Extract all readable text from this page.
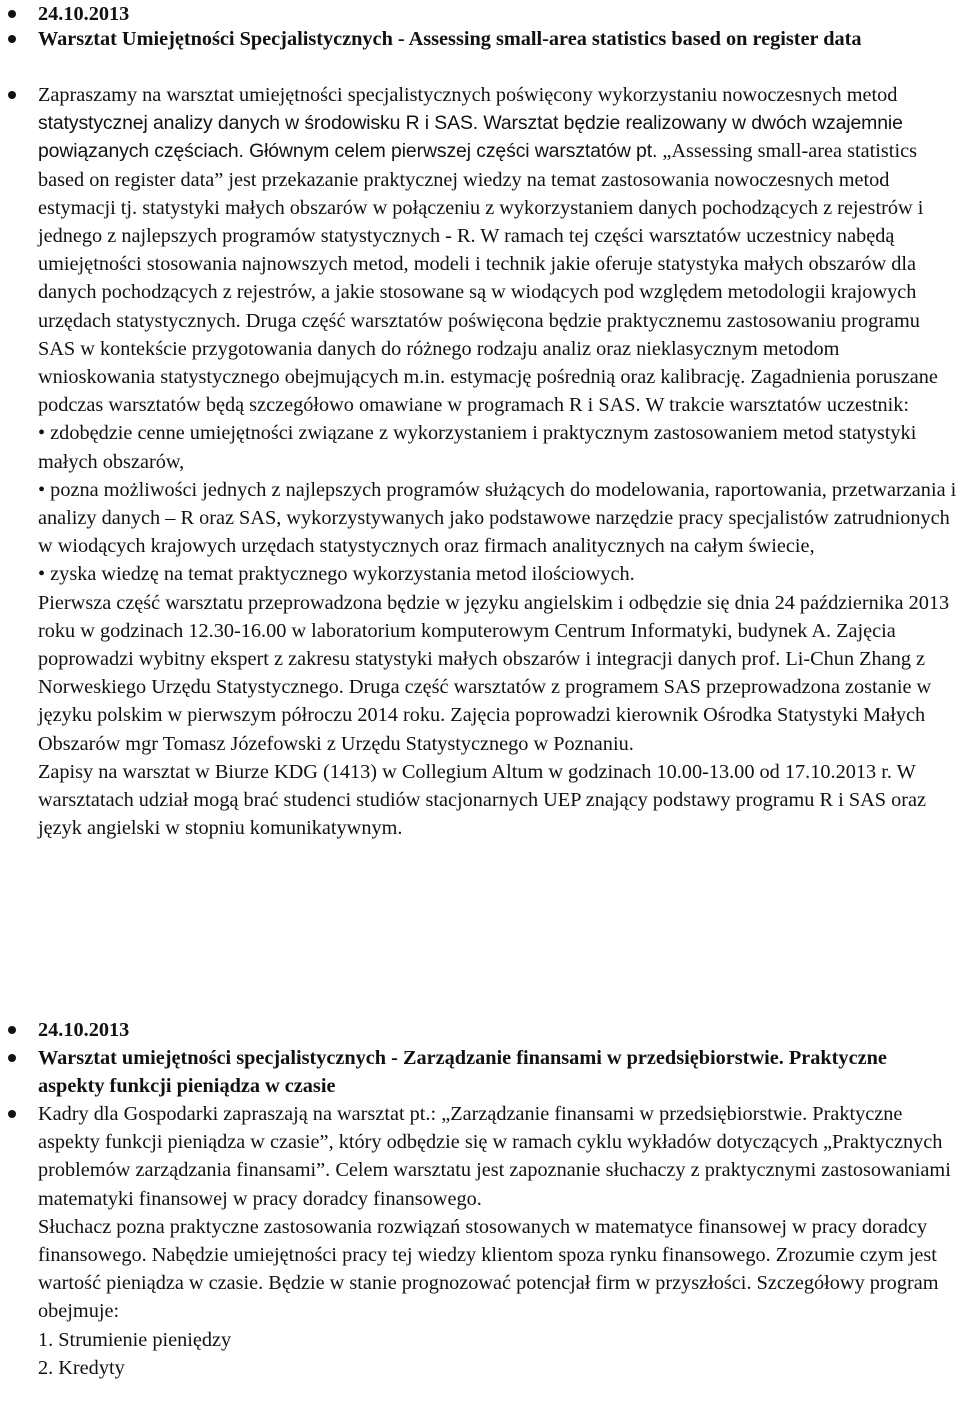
24.10.2013
Warsztat Umiejętności Specjalistycznych - Assessing small-area statistics based on register data

Zapraszamy na warsztat umiejętności specjalistycznych poświęcony wykorzystaniu nowoczesnych metod statystycznej analizy danych w środowisku R i SAS. Warsztat będzie realizowany w dwóch wzajemnie powiązanych częściach. Głównym celem pierwszej części warsztatów pt. „Assessing small-area statistics based on register data” jest przekazanie praktycznej wiedzy na temat zastosowania nowoczesnych metod estymacji tj. statystyki małych obszarów w połączeniu z wykorzystaniem danych pochodzących z rejestrów i jednego z najlepszych programów statystycznych - R. W ramach tej części warsztatów uczestnicy nabędą umiejętności stosowania najnowszych metod, modeli i technik jakie oferuje statystyka małych obszarów dla danych pochodzących z rejestrów, a jakie stosowane są w wiodących pod względem metodologii krajowych urzędach statystycznych. Druga część warsztatów poświęcona będzie praktycznemu zastosowaniu programu SAS w kontekście przygotowania danych do różnego rodzaju analiz oraz nieklasycznym metodom wnioskowania statystycznego obejmujących m.in. estymację pośrednią oraz kalibrację. Zagadnienia poruszane podczas warsztatów będą szczegółowo omawiane w programach R i SAS. W trakcie warsztatów uczestnik:

• zdobędzie cenne umiejętności związane z wykorzystaniem i praktycznym zastosowaniem metod statystyki małych obszarów,

• pozna możliwości jednych z najlepszych programów służących do modelowania, raportowania, przetwarzania i analizy danych – R oraz SAS, wykorzystywanych jako podstawowe narzędzie pracy specjalistów zatrudnionych w wiodących krajowych urzędach statystycznych oraz firmach analitycznych na całym świecie,

• zyska wiedzę na temat praktycznego wykorzystania metod ilościowych.

Pierwsza część warsztatu przeprowadzona będzie w języku angielskim i odbędzie się dnia 24 października 2013 roku w godzinach 12.30-16.00 w laboratorium komputerowym Centrum Informatyki, budynek A. Zajęcia poprowadzi wybitny ekspert z zakresu statystyki małych obszarów i integracji danych prof. Li-Chun Zhang z Norweskiego Urzędu Statystycznego. Druga część warsztatów z programem SAS przeprowadzona zostanie w języku polskim w pierwszym półroczu 2014 roku. Zajęcia poprowadzi kierownik Ośrodka Statystyki Małych Obszarów mgr Tomasz Józefowski z Urzędu Statystycznego w Poznaniu.

Zapisy na warsztat w Biurze KDG (1413) w Collegium Altum w godzinach 10.00-13.00 od 17.10.2013 r. W warsztatach udział mogą brać studenci studiów stacjonarnych UEP znający podstawy programu R i SAS oraz język angielski w stopniu komunikatywnym.

24.10.2013
Warsztat umiejętności specjalistycznych - Zarządzanie finansami w przedsiębiorstwie. Praktyczne aspekty funkcji pieniądza w czasie

Kadry dla Gospodarki zapraszają na warsztat pt.: „Zarządzanie finansami w przedsiębiorstwie. Praktyczne aspekty funkcji pieniądza w czasie”, który odbędzie się w ramach cyklu wykładów dotyczących „Praktycznych problemów zarządzania finansami”. Celem warsztatu jest zapoznanie słuchaczy z praktycznymi zastosowaniami matematyki finansowej w pracy doradcy finansowego.

Słuchacz pozna praktyczne zastosowania rozwiązań stosowanych w matematyce finansowej w pracy doradcy finansowego. Nabędzie umiejętności pracy tej wiedzy klientom spoza rynku finansowego. Zrozumie czym jest wartość pieniądza w czasie. Będzie w stanie prognozować potencjał firm w przyszłości. Szczegółowy program obejmuje:

1. Strumienie pieniędzy

2. Kredyty
